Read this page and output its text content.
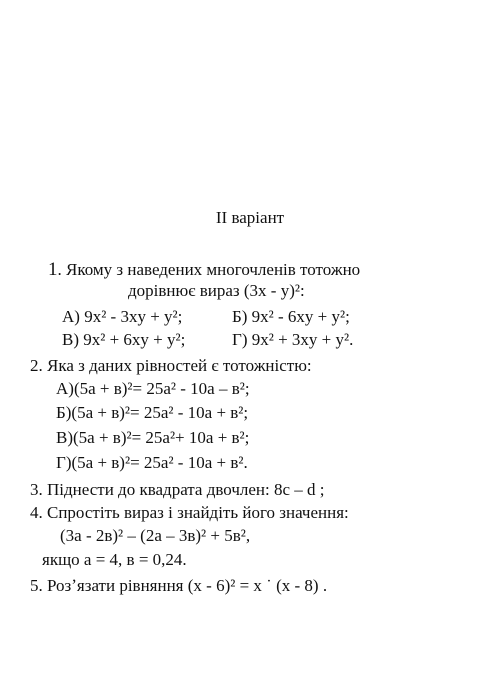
II варіант
1. Якому з наведених многочленів тотожно
дорівнює вираз (3x - y)²:
А) 9x² - 3xy + y²;	Б) 9x² - 6xy + y²;
В) 9x² + 6xy + y²;	Г) 9x² + 3xy + y².
2. Яка з даних рівностей є тотожністю:
А)(5a + в)²= 25a² - 10a – в²;
Б)(5a + в)²= 25a² - 10a + в²;
В)(5a + в)²= 25a²+ 10a + в²;
Г)(5a + в)²= 25a² - 10a + в².
3. Піднести до квадрата двочлен: 8c – d ;
4. Спростіть вираз і знайдіть його значення:
(3a - 2в)² – (2a – 3в)² + 5в²,
якщо a = 4, в = 0,24.
5. Розʼязати рівняння (x - 6)² = x ˙ (x - 8) .
